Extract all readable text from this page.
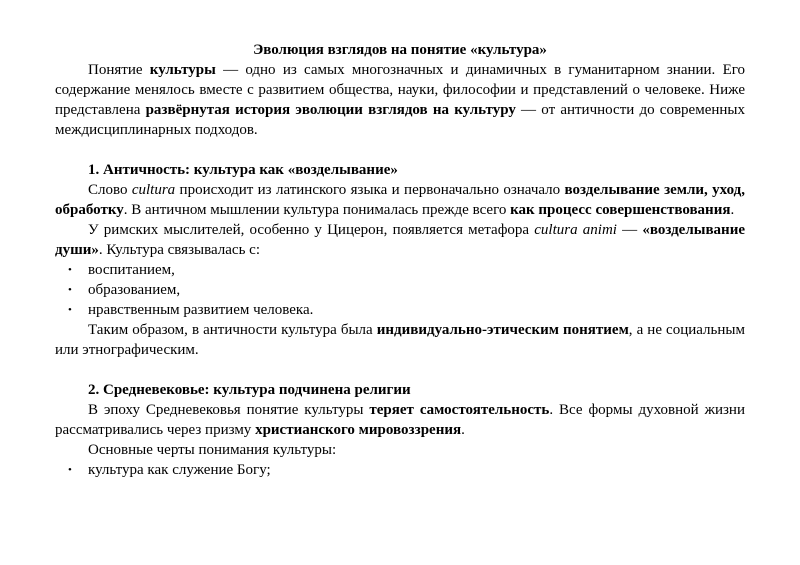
Эволюция взглядов на понятие «культура»

Понятие культуры — одно из самых многозначных и динамичных в гуманитарном знании. Его содержание менялось вместе с развитием общества, науки, философии и представлений о человеке. Ниже представлена развёрнутая история эволюции взглядов на культуру — от античности до современных междисциплинарных подходов.

1. Античность: культура как «возделывание»

Слово cultura происходит из латинского языка и первоначально означало возделывание земли, уход, обработку. В античном мышлении культура понималась прежде всего как процесс совершенствования.

У римских мыслителей, особенно у Цицерон, появляется метафора cultura animi — «возделывание души». Культура связывалась с:

• воспитанием,
• образованием,
• нравственным развитием человека.

Таким образом, в античности культура была индивидуально-этическим понятием, а не социальным или этнографическим.

2. Средневековье: культура подчинена религии

В эпоху Средневековья понятие культуры теряет самостоятельность. Все формы духовной жизни рассматривались через призму христианского мировоззрения.

Основные черты понимания культуры:

• культура как служение Богу;
